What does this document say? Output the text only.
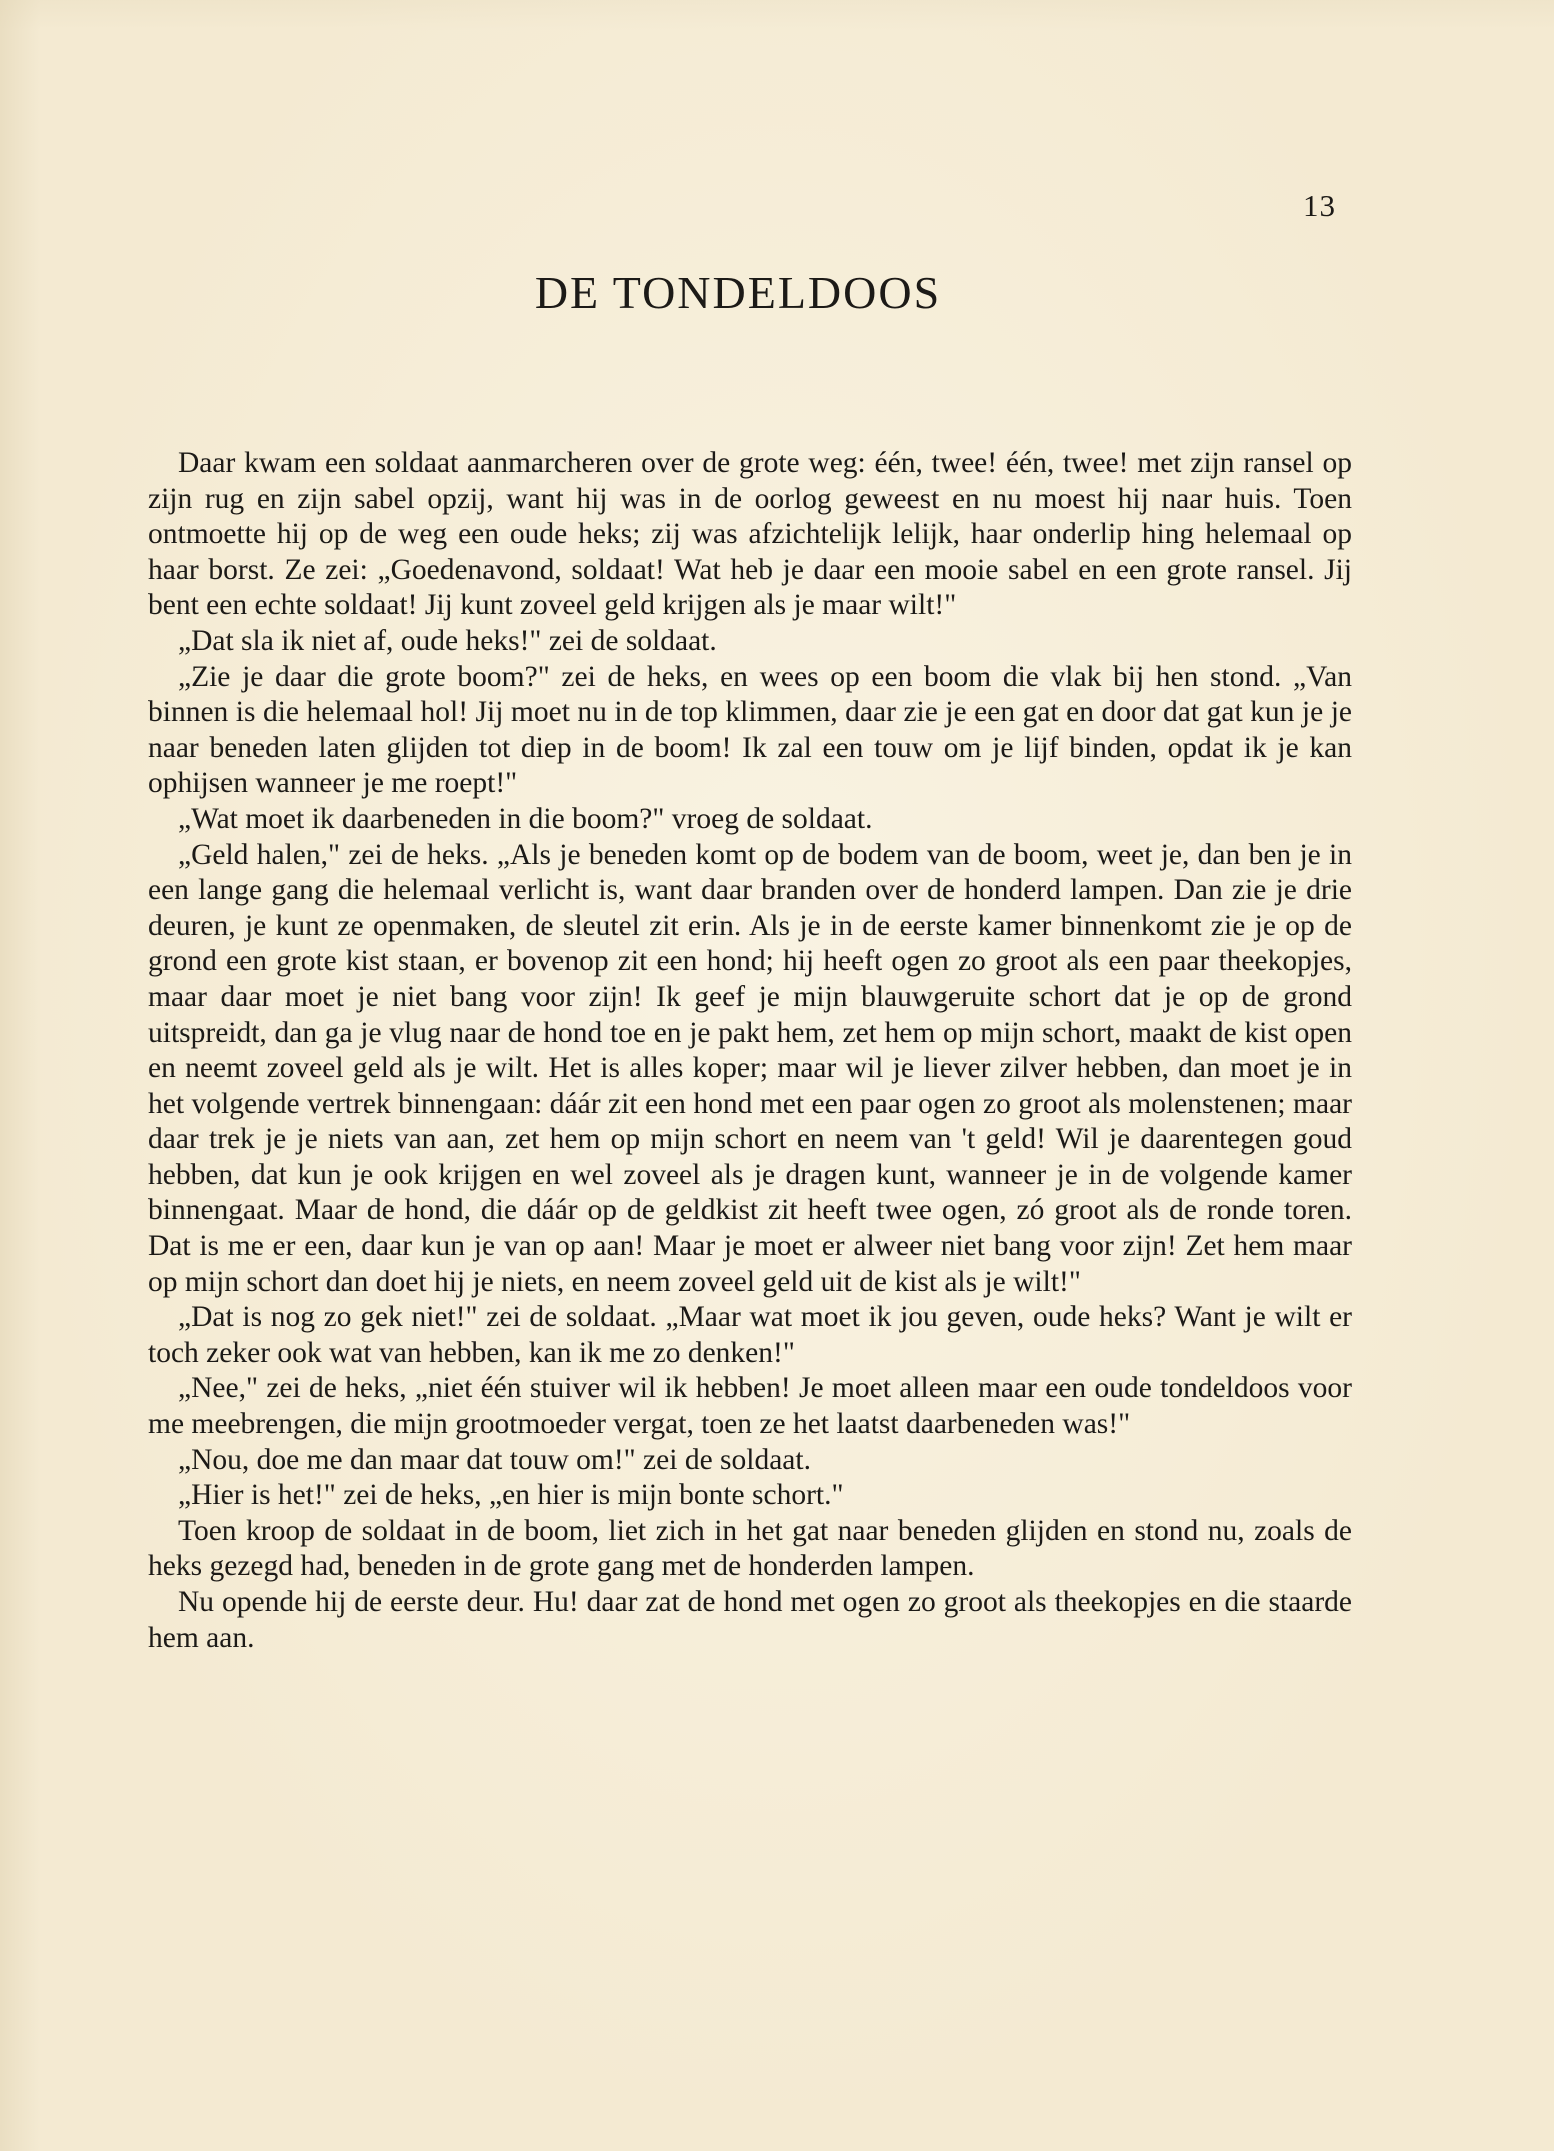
13
DE TONDELDOOS

Daar kwam een soldaat aanmarcheren over de grote weg: één, twee! één, twee! met zijn ransel op zijn rug en zijn sabel opzij, want hij was in de oorlog geweest en nu moest hij naar huis. Toen ontmoette hij op de weg een oude heks; zij was afzichtelijk lelijk, haar onderlip hing helemaal op haar borst. Ze zei: „Goedenavond, soldaat! Wat heb je daar een mooie sabel en een grote ransel. Jij bent een echte soldaat! Jij kunt zoveel geld krijgen als je maar wilt!"

„Dat sla ik niet af, oude heks!" zei de soldaat.

„Zie je daar die grote boom?" zei de heks, en wees op een boom die vlak bij hen stond. „Van binnen is die helemaal hol! Jij moet nu in de top klimmen, daar zie je een gat en door dat gat kun je je naar beneden laten glijden tot diep in de boom! Ik zal een touw om je lijf binden, opdat ik je kan ophijsen wanneer je me roept!"

„Wat moet ik daarbeneden in die boom?" vroeg de soldaat.

„Geld halen," zei de heks. „Als je beneden komt op de bodem van de boom, weet je, dan ben je in een lange gang die helemaal verlicht is, want daar branden over de honderd lampen. Dan zie je drie deuren, je kunt ze openmaken, de sleutel zit erin. Als je in de eerste kamer binnenkomt zie je op de grond een grote kist staan, er bovenop zit een hond; hij heeft ogen zo groot als een paar theekopjes, maar daar moet je niet bang voor zijn! Ik geef je mijn blauwgeruite schort dat je op de grond uitspreidt, dan ga je vlug naar de hond toe en je pakt hem, zet hem op mijn schort, maakt de kist open en neemt zoveel geld als je wilt. Het is alles koper; maar wil je liever zilver hebben, dan moet je in het volgende vertrek binnengaan: dáár zit een hond met een paar ogen zo groot als molenstenen; maar daar trek je je niets van aan, zet hem op mijn schort en neem van 't geld! Wil je daarentegen goud hebben, dat kun je ook krijgen en wel zoveel als je dragen kunt, wanneer je in de volgende kamer binnengaat. Maar de hond, die dáár op de geldkist zit heeft twee ogen, zó groot als de ronde toren. Dat is me er een, daar kun je van op aan! Maar je moet er alweer niet bang voor zijn! Zet hem maar op mijn schort dan doet hij je niets, en neem zoveel geld uit de kist als je wilt!"

„Dat is nog zo gek niet!" zei de soldaat. „Maar wat moet ik jou geven, oude heks? Want je wilt er toch zeker ook wat van hebben, kan ik me zo denken!"

„Nee," zei de heks, „niet één stuiver wil ik hebben! Je moet alleen maar een oude tondeldoos voor me meebrengen, die mijn grootmoeder vergat, toen ze het laatst daarbeneden was!"

„Nou, doe me dan maar dat touw om!" zei de soldaat.

„Hier is het!" zei de heks, „en hier is mijn bonte schort."

Toen kroop de soldaat in de boom, liet zich in het gat naar beneden glijden en stond nu, zoals de heks gezegd had, beneden in de grote gang met de honderden lampen.

Nu opende hij de eerste deur. Hu! daar zat de hond met ogen zo groot als theekopjes en die staarde hem aan.
